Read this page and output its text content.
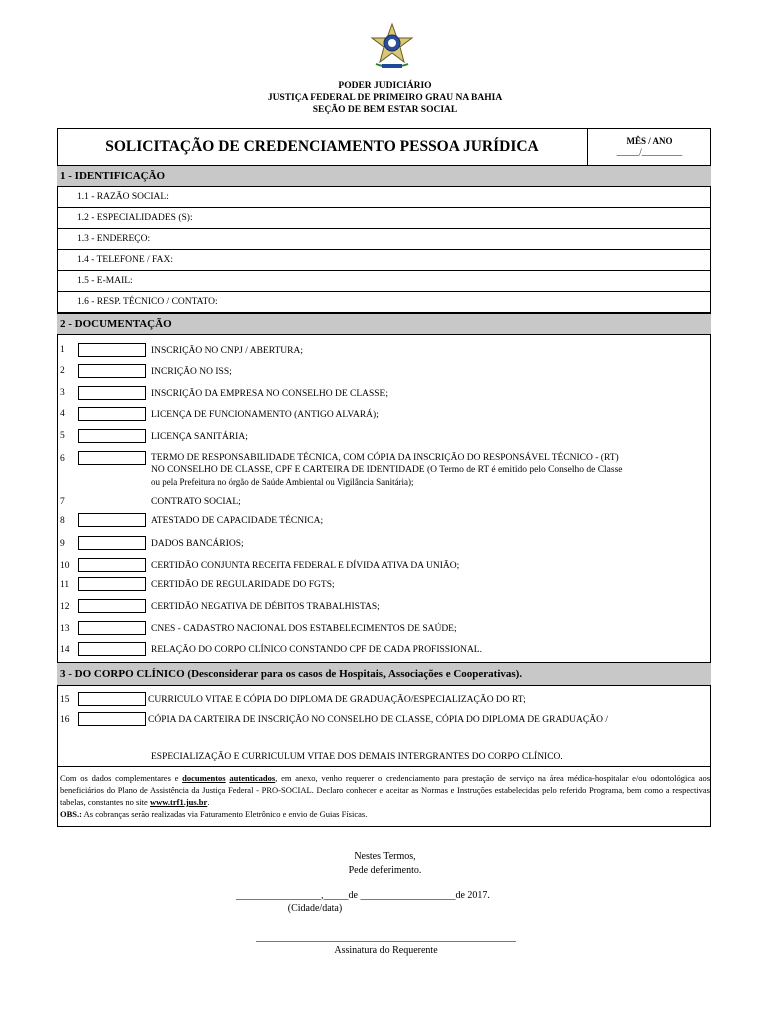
PODER JUDICIÁRIO
JUSTIÇA FEDERAL DE PRIMEIRO GRAU NA BAHIA
SEÇÃO DE BEM ESTAR SOCIAL
SOLICITAÇÃO DE CREDENCIAMENTO PESSOA JURÍDICA	MÊS / ANO
_____/_________
1 - IDENTIFICAÇÃO
1.1 - RAZÃO SOCIAL:
1.2 - ESPECIALIDADES (S):
1.3 - ENDEREÇO:
1.4 - TELEFONE / FAX:
1.5 - E-MAIL:
1.6 - RESP. TÉCNICO / CONTATO:
2 - DOCUMENTAÇÃO
1	INSCRIÇÃO NO CNPJ / ABERTURA;
2	INCRIÇÃO NO ISS;
3	INSCRIÇÃO DA EMPRESA NO CONSELHO DE CLASSE;
4	LICENÇA DE FUNCIONAMENTO (ANTIGO ALVARÁ);
5	LICENÇA SANITÁRIA;
6	TERMO DE RESPONSABILIDADE TÉCNICA, COM CÓPIA DA INSCRIÇÃO DO RESPONSÁVEL TÉCNICO - (RT)
NO CONSELHO DE CLASSE, CPF E CARTEIRA DE IDENTIDADE (O Termo de RT é emitido pelo Conselho de Classe
ou pela Prefeitura no órgão de Saúde Ambiental ou Vigilância Sanitária);
7	CONTRATO SOCIAL;
8	ATESTADO DE CAPACIDADE TÉCNICA;
9	DADOS BANCÁRIOS;
10	CERTIDÃO CONJUNTA RECEITA FEDERAL E DÍVIDA ATIVA DA UNIÃO;
11	CERTIDÃO DE REGULARIDADE DO FGTS;
12	CERTIDÃO NEGATIVA DE DÉBITOS TRABALHISTAS;
13	CNES - CADASTRO NACIONAL DOS ESTABELECIMENTOS DE SAÚDE;
14	RELAÇÃO DO CORPO CLÍNICO CONSTANDO CPF DE CADA PROFISSIONAL.
3 - DO CORPO CLÍNICO (Desconsiderar para os casos de Hospitais, Associações e Cooperativas).
15	CURRICULO VITAE E CÓPIA DO DIPLOMA DE GRADUAÇÃO/ESPECIALIZAÇÃO DO RT;
16	CÓPIA DA CARTEIRA DE INSCRIÇÃO NO CONSELHO DE CLASSE, CÓPIA DO DIPLOMA DE GRADUAÇÃO /
ESPECIALIZAÇÃO E CURRICULUM VITAE DOS DEMAIS INTERGRANTES DO CORPO CLÍNICO.
Com os dados complementares e documentos autenticados, em anexo, venho requerer o credenciamento para prestação de serviço na área médica-hospitalar e/ou odontológica aos beneficiários do Plano de Assistência da Justiça Federal - PRO-SOCIAL. Declaro conhecer e aceitar as Normas e Instruções estabelecidas pelo referido Programa, bem como a respectivas tabelas, constantes no site www.trf1.jus.br.
OBS.: As cobranças serão realizadas via Faturamento Eletrônico e envio de Guias Físicas.
Nestes Termos,
Pede deferimento.
_________________,_____de ___________________de 2017.
(Cidade/data)
____________________________________________________
Assinatura do Requerente
